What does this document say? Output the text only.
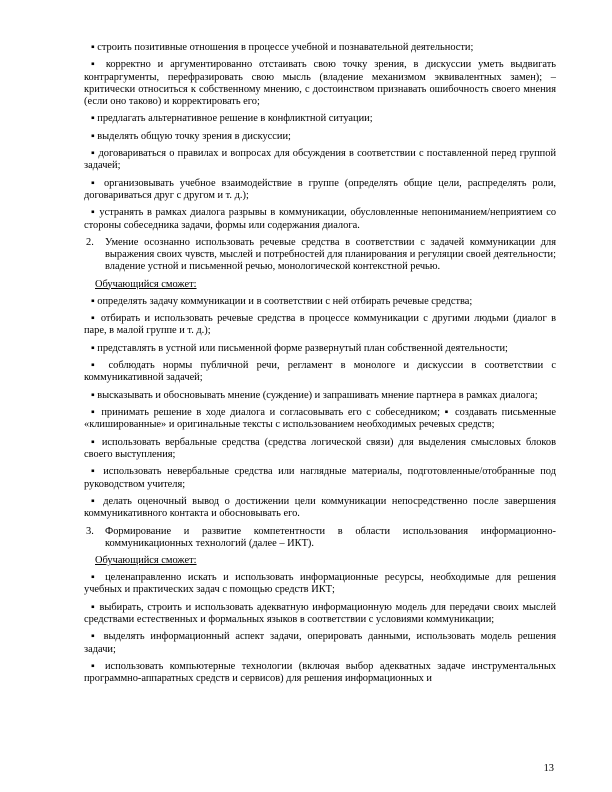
▪ строить позитивные отношения в процессе учебной и познавательной деятельности;

▪ корректно и аргументированно отстаивать свою точку зрения, в дискуссии уметь выдвигать контраргументы, перефразировать свою мысль (владение механизмом эквивалентных замен); – критически относиться к собственному мнению, с достоинством признавать ошибочность своего мнения (если оно таково) и корректировать его;

▪ предлагать альтернативное решение в конфликтной ситуации;

▪ выделять общую точку зрения в дискуссии;

▪ договариваться о правилах и вопросах для обсуждения в соответствии с поставленной перед группой задачей;

▪ организовывать учебное взаимодействие в группе (определять общие цели, распределять роли, договариваться друг с другом и т. д.);

▪ устранять в рамках диалога разрывы в коммуникации, обусловленные непониманием/неприятием со стороны собеседника задачи, формы или содержания диалога.

2.	Умение осознанно использовать речевые средства в соответствии с задачей коммуникации для выражения своих чувств, мыслей и потребностей для планирования и регуляции своей деятельности; владение устной и письменной речью, монологической контекстной речью.
Обучающийся сможет:

▪ определять задачу коммуникации и в соответствии с ней отбирать речевые средства;

▪ отбирать и использовать речевые средства в процессе коммуникации с другими людьми (диалог в паре, в малой группе и т. д.);

▪ представлять в устной или письменной форме развернутый план собственной деятельности;

▪ соблюдать нормы публичной речи, регламент в монологе и дискуссии в соответствии с коммуникативной задачей;

▪ высказывать и обосновывать мнение (суждение) и запрашивать мнение партнера в рамках диалога;

▪ принимать решение в ходе диалога и согласовывать его с собеседником; ▪ создавать письменные «клишированные» и оригинальные тексты с использованием необходимых речевых средств;

▪ использовать вербальные средства (средства логической связи) для выделения смысловых блоков своего выступления;

▪ использовать невербальные средства или наглядные материалы, подготовленные/отобранные под руководством учителя;

▪ делать оценочный вывод о достижении цели коммуникации непосредственно после завершения коммуникативного контакта и обосновывать его.

3.	Формирование и развитие компетентности в области использования информационно-коммуникационных технологий (далее – ИКТ).
Обучающийся сможет:

▪ целенаправленно искать и использовать информационные ресурсы, необходимые для решения учебных и практических задач с помощью средств ИКТ;

▪ выбирать, строить и использовать адекватную информационную модель для передачи своих мыслей средствами естественных и формальных языков в соответствии с условиями коммуникации;

▪ выделять информационный аспект задачи, оперировать данными, использовать модель решения задачи;

▪ использовать компьютерные технологии (включая выбор адекватных задаче инструментальных программно-аппаратных средств и сервисов) для решения информационных и

13
